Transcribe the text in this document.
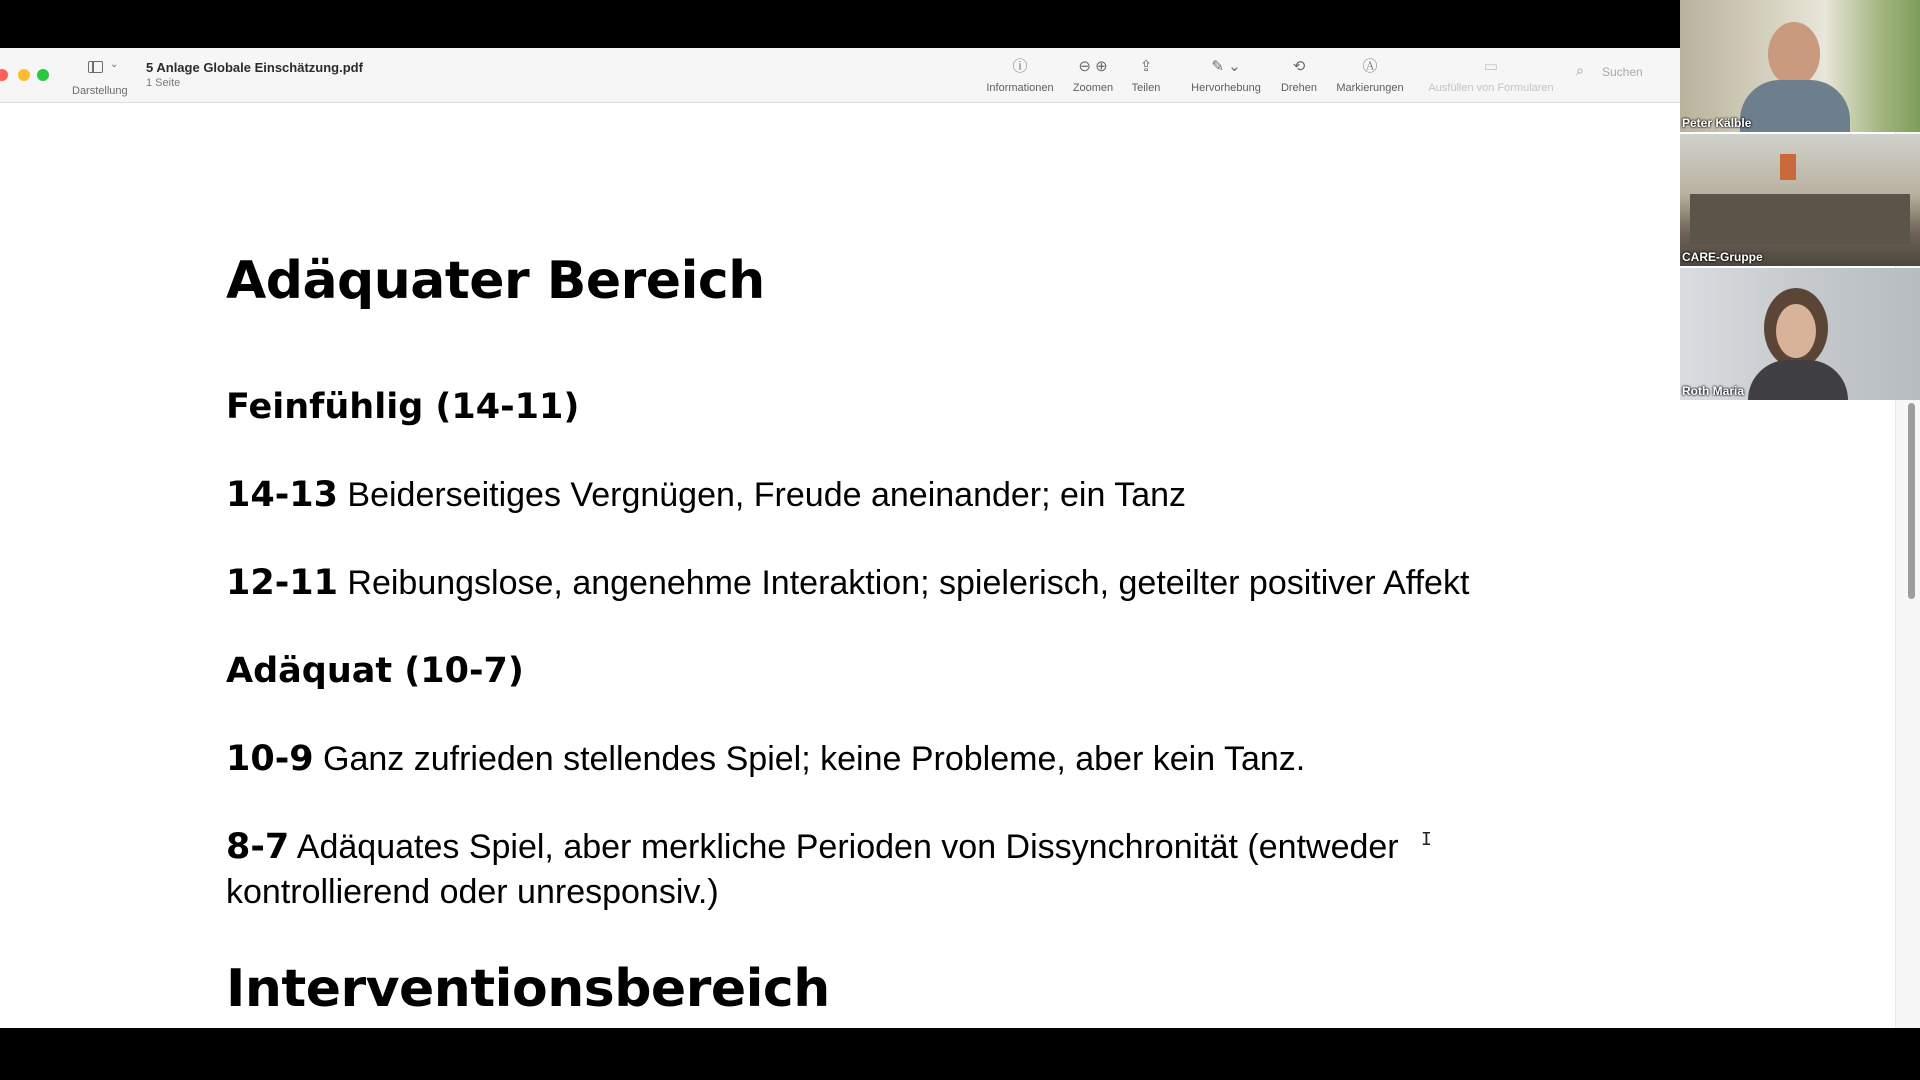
⌄
Darstellung
5 Anlage Globale Einschätzung.pdf
1 Seite
ⓘ
Informationen
⊖ ⊕
Zoomen
⇪
Teilen
✎ ⌄
Hervorhebung
⟲
Drehen
Ⓐ
Markierungen
▭
Ausfüllen von Formularen
⌕
Suchen
Adäquater Bereich
Feinfühlig (14-11)
14-13 Beiderseitiges Vergnügen, Freude aneinander; ein Tanz
12-11 Reibungslose, angenehme Interaktion; spielerisch, geteilter positiver Affekt
Adäquat (10-7)
10-9 Ganz zufrieden stellendes Spiel; keine Probleme, aber kein Tanz.
8-7 Adäquates Spiel, aber merkliche Perioden von Dissynchronität (entweder kontrollierend oder unresponsiv.)
Interventionsbereich
I
Peter Kälble
CARE-Gruppe
Roth Maria
